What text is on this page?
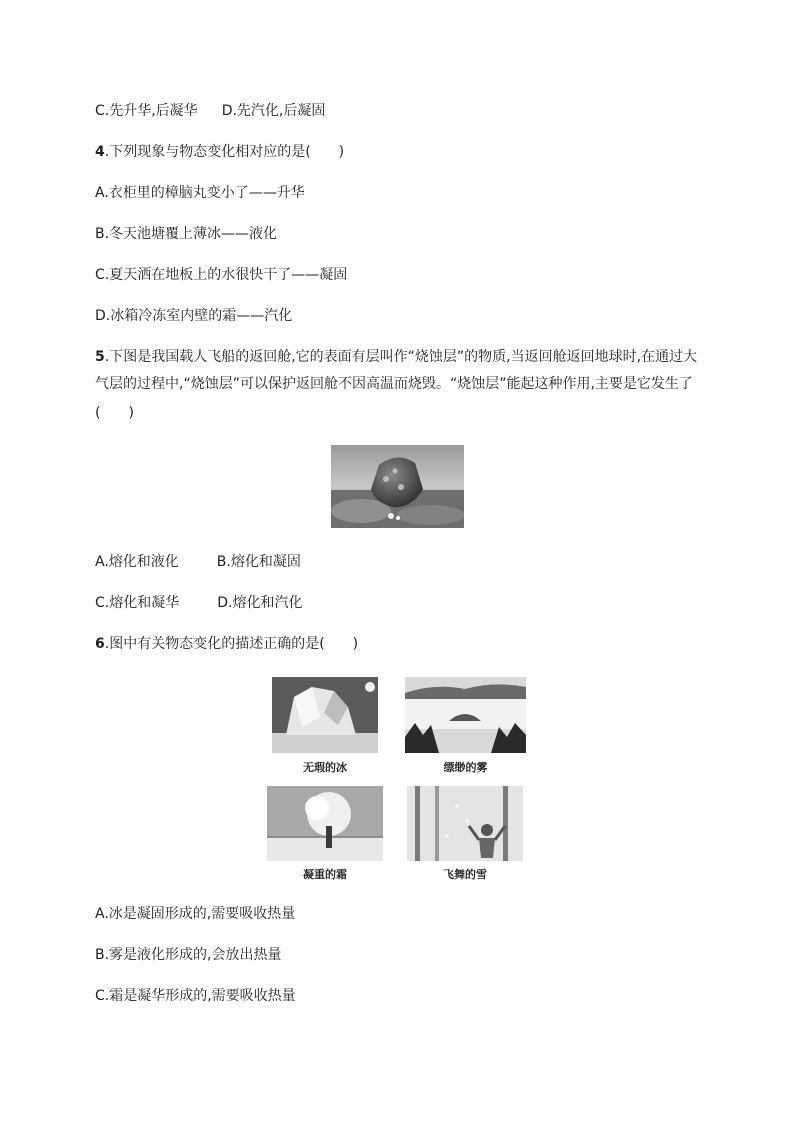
C.先升华,后凝华 D.先汽化,后凝固
4.下列现象与物态变化相对应的是(　　)
A.衣柜里的樟脑丸变小了——升华
B.冬天池塘覆上薄冰——液化
C.夏天洒在地板上的水很快干了——凝固
D.冰箱冷冻室内壁的霜——汽化
5.下图是我国载人飞船的返回舱,它的表面有层叫作“烧蚀层”的物质,当返回舱返回地球时,在通过大
气层的过程中,“烧蚀层”可以保护返回舱不因高温而烧毁。“烧蚀层”能起这种作用,主要是它发生了
(　　)
A.熔化和液化	B.熔化和凝固
C.熔化和凝华	D.熔化和汽化
6.图中有关物态变化的描述正确的是(　　)
无瑕的冰	缥缈的雾
凝重的霜	飞舞的雪
A.冰是凝固形成的,需要吸收热量
B.雾是液化形成的,会放出热量
C.霜是凝华形成的,需要吸收热量
